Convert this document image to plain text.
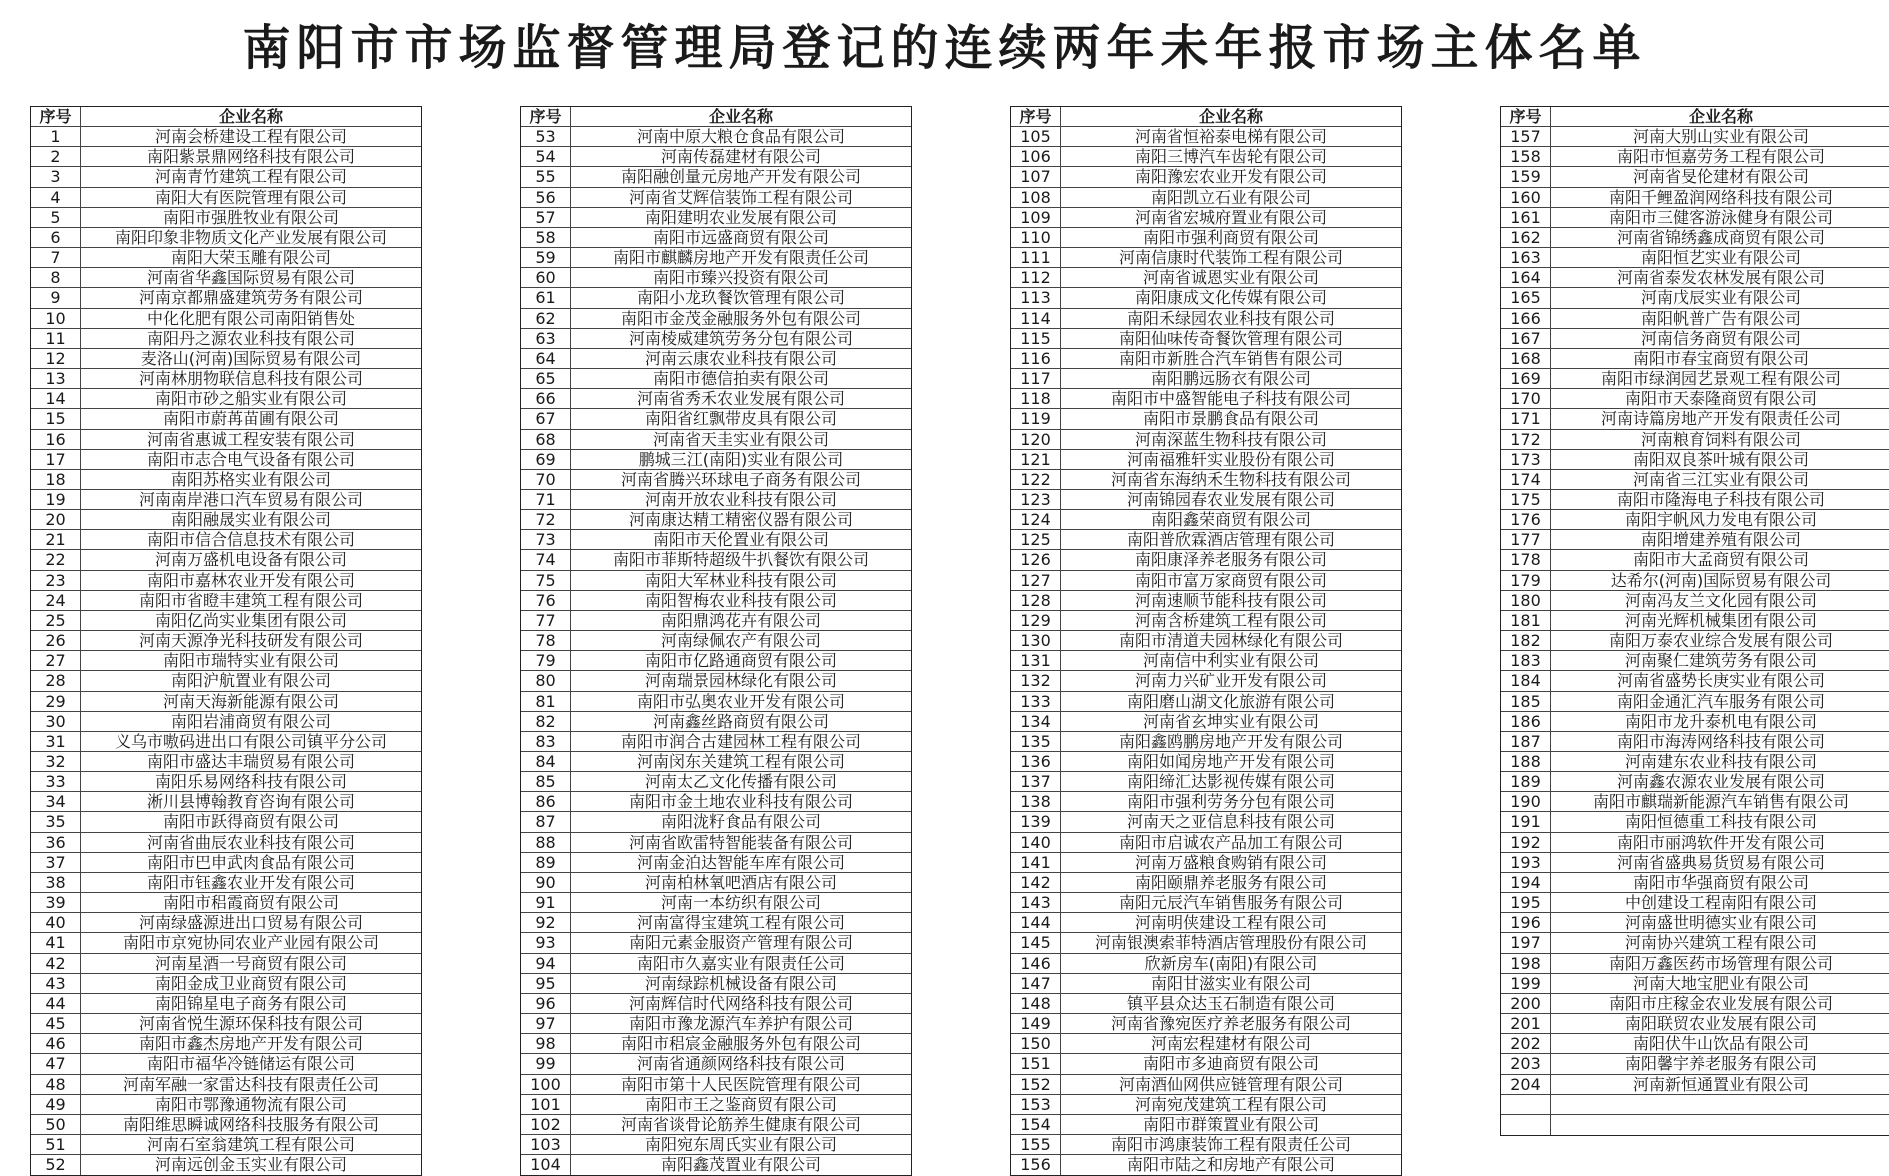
南阳市市场监督管理局登记的连续两年未年报市场主体名单
序号	企业名称
1	河南会桥建设工程有限公司
2	南阳紫景鼎网络科技有限公司
3	河南青竹建筑工程有限公司
4	南阳大有医院管理有限公司
5	南阳市强胜牧业有限公司
6	南阳印象非物质文化产业发展有限公司
7	南阳大荣玉雕有限公司
8	河南省华鑫国际贸易有限公司
9	河南京都鼎盛建筑劳务有限公司
10	中化化肥有限公司南阳销售处
11	南阳丹之源农业科技有限公司
12	麦洛山(河南)国际贸易有限公司
13	河南林朋物联信息科技有限公司
14	南阳市砂之船实业有限公司
15	南阳市蔚苒苗圃有限公司
16	河南省惠诚工程安装有限公司
17	南阳市志合电气设备有限公司
18	南阳苏格实业有限公司
19	河南南岸港口汽车贸易有限公司
20	南阳融晟实业有限公司
21	南阳市信合信息技术有限公司
22	河南万盛机电设备有限公司
23	南阳市嘉林农业开发有限公司
24	南阳市省瞪丰建筑工程有限公司
25	南阳亿尚实业集团有限公司
26	河南天源净光科技研发有限公司
27	南阳市瑞特实业有限公司
28	南阳沪航置业有限公司
29	河南天海新能源有限公司
30	南阳岩浦商贸有限公司
31	义乌市嗷码进出口有限公司镇平分公司
32	南阳市盛达丰瑞贸易有限公司
33	南阳乐易网络科技有限公司
34	淅川县博翰教育咨询有限公司
35	南阳市跃得商贸有限公司
36	河南省曲辰农业科技有限公司
37	南阳市巴申武肉食品有限公司
38	南阳市钰鑫农业开发有限公司
39	南阳市稆霞商贸有限公司
40	河南绿盛源进出口贸易有限公司
41	南阳市京宛协同农业产业园有限公司
42	河南星酒一号商贸有限公司
43	南阳金成卫业商贸有限公司
44	南阳锦星电子商务有限公司
45	河南省悦生源环保科技有限公司
46	南阳市鑫杰房地产开发有限公司
47	南阳市福华冷链储运有限公司
48	河南军融一家雷达科技有限责任公司
49	南阳市鄂豫通物流有限公司
50	南阳维思瞬诚网络科技服务有限公司
51	河南石室翁建筑工程有限公司
52	河南远创金玉实业有限公司
序号	企业名称
53	河南中原大粮仓食品有限公司
54	河南传磊建材有限公司
55	南阳融创量元房地产开发有限公司
56	河南省艾辉信装饰工程有限公司
57	南阳建明农业发展有限公司
58	南阳市远盛商贸有限公司
59	南阳市麒麟房地产开发有限责任公司
60	南阳市臻兴投资有限公司
61	南阳小龙玖餐饮管理有限公司
62	南阳市金茂金融服务外包有限公司
63	河南棱威建筑劳务分包有限公司
64	河南云康农业科技有限公司
65	南阳市德信拍卖有限公司
66	河南省秀禾农业发展有限公司
67	南阳省红飘带皮具有限公司
68	河南省天圭实业有限公司
69	鹏城三江(南阳)实业有限公司
70	河南省腾兴环球电子商务有限公司
71	河南开放农业科技有限公司
72	河南康达精工精密仪器有限公司
73	南阳市天伦置业有限公司
74	南阳市菲斯特超级牛扒餐饮有限公司
75	南阳大军林业科技有限公司
76	南阳智梅农业科技有限公司
77	南阳鼎鸿花卉有限公司
78	河南绿佩农产有限公司
79	南阳市亿路通商贸有限公司
80	河南瑞景园林绿化有限公司
81	南阳市弘奥农业开发有限公司
82	河南鑫丝路商贸有限公司
83	南阳市润合古建园林工程有限公司
84	河南闵东关建筑工程有限公司
85	河南太乙文化传播有限公司
86	南阳市金土地农业科技有限公司
87	南阳泷籽食品有限公司
88	河南省欧雷特智能装备有限公司
89	河南金泊达智能车库有限公司
90	河南柏林氧吧酒店有限公司
91	河南一本纺织有限公司
92	河南富得宝建筑工程有限公司
93	南阳元素金服资产管理有限公司
94	南阳市久嘉实业有限责任公司
95	河南绿踪机械设备有限公司
96	河南辉信时代网络科技有限公司
97	南阳市豫龙源汽车养护有限公司
98	南阳市稆宸金融服务外包有限公司
99	河南省通颜网络科技有限公司
100	南阳市第十人民医院管理有限公司
101	南阳市王之鉴商贸有限公司
102	河南省谈骨论筋养生健康有限公司
103	南阳宛东周氏实业有限公司
104	南阳鑫茂置业有限公司
序号	企业名称
105	河南省恒裕泰电梯有限公司
106	南阳三博汽车齿轮有限公司
107	南阳豫宏农业开发有限公司
108	南阳凯立石业有限公司
109	河南省宏城府置业有限公司
110	南阳市强利商贸有限公司
111	河南信康时代装饰工程有限公司
112	河南省诚恩实业有限公司
113	南阳康成文化传媒有限公司
114	南阳禾绿园农业科技有限公司
115	南阳仙味传奇餐饮管理有限公司
116	南阳市新胜合汽车销售有限公司
117	南阳鹏远肠衣有限公司
118	南阳市中盛智能电子科技有限公司
119	南阳市景鹏食品有限公司
120	河南深蓝生物科技有限公司
121	河南福雅轩实业股份有限公司
122	河南省东海纳禾生物科技有限公司
123	河南锦园春农业发展有限公司
124	南阳鑫荣商贸有限公司
125	南阳普欣霖酒店管理有限公司
126	南阳康泽养老服务有限公司
127	南阳市富万家商贸有限公司
128	河南速顺节能科技有限公司
129	河南含桥建筑工程有限公司
130	南阳市清道夫园林绿化有限公司
131	河南信中利实业有限公司
132	河南力兴矿业开发有限公司
133	南阳磨山湖文化旅游有限公司
134	河南省玄坤实业有限公司
135	南阳鑫鸥鹏房地产开发有限公司
136	南阳如闻房地产开发有限公司
137	南阳缔汇达影视传媒有限公司
138	南阳市强利劳务分包有限公司
139	河南天之亚信息科技有限公司
140	南阳市启诚农产品加工有限公司
141	河南万盛粮食购销有限公司
142	南阳颐鼎养老服务有限公司
143	南阳元辰汽车销售服务有限公司
144	河南明侠建设工程有限公司
145	河南银澳索菲特酒店管理股份有限公司
146	欣新房车(南阳)有限公司
147	南阳甘滋实业有限公司
148	镇平县众达玉石制造有限公司
149	河南省豫宛医疗养老服务有限公司
150	河南宏程建材有限公司
151	南阳市多迪商贸有限公司
152	河南酒仙网供应链管理有限公司
153	河南宛茂建筑工程有限公司
154	南阳市群策置业有限公司
155	南阳市鸿康装饰工程有限责任公司
156	南阳市陆之和房地产有限公司
序号	企业名称
157	河南大别山实业有限公司
158	南阳市恒嘉劳务工程有限公司
159	河南省旻伦建材有限公司
160	南阳千鲤盈润网络科技有限公司
161	南阳市三健客游泳健身有限公司
162	河南省锦绣鑫成商贸有限公司
163	南阳恒艺实业有限公司
164	河南省泰发农林发展有限公司
165	河南戊辰实业有限公司
166	南阳帆普广告有限公司
167	河南信务商贸有限公司
168	南阳市春宝商贸有限公司
169	南阳市绿润园艺景观工程有限公司
170	南阳市天泰隆商贸有限公司
171	河南诗篇房地产开发有限责任公司
172	河南粮育饲料有限公司
173	南阳双良茶叶城有限公司
174	河南省三江实业有限公司
175	南阳市隆海电子科技有限公司
176	南阳宇帆风力发电有限公司
177	南阳增建养殖有限公司
178	南阳市大孟商贸有限公司
179	达希尔(河南)国际贸易有限公司
180	河南冯友兰文化园有限公司
181	河南光辉机械集团有限公司
182	南阳万泰农业综合发展有限公司
183	河南聚仁建筑劳务有限公司
184	河南省盛势长庚实业有限公司
185	南阳金通汇汽车服务有限公司
186	南阳市龙升泰机电有限公司
187	南阳市海涛网络科技有限公司
188	河南建东农业科技有限公司
189	河南鑫农源农业发展有限公司
190	南阳市麒瑞新能源汽车销售有限公司
191	南阳恒德重工科技有限公司
192	南阳市丽鸿软件开发有限公司
193	河南省盛典易货贸易有限公司
194	南阳市华强商贸有限公司
195	中创建设工程南阳有限公司
196	河南盛世明德实业有限公司
197	河南协兴建筑工程有限公司
198	南阳万鑫医药市场管理有限公司
199	河南大地宝肥业有限公司
200	南阳市庄稼金农业发展有限公司
201	南阳联贸农业发展有限公司
202	南阳伏牛山饮品有限公司
203	南阳馨宇养老服务有限公司
204	河南新恒通置业有限公司
